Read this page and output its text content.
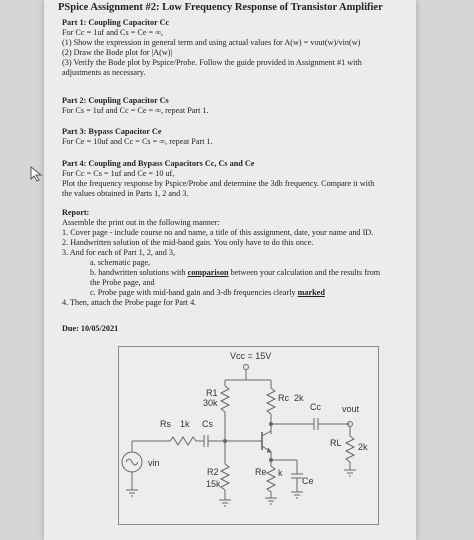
PSpice Assignment #2: Low Frequency Response of Transistor Amplifier
Part 1: Coupling Capacitor Cc
For Cc = 1uf and Cs = Ce = ∞,
(1) Show the expression in general term and using actual values for A(w) = vout(w)/vin(w)
(2) Draw the Bode plot for |A(w)|
(3) Verify the Bode plot by Pspice/Probe. Follow the guide provided in Assignment #1 with
adjustments as necessary.
Part 2: Coupling Capacitor Cs
For Cs = 1uf and Cc = Ce = ∞, repeat Part 1.
Part 3: Bypass Capacitor Ce
For Ce = 10uf and Cc = Cs = ∞, repeat Part 1.
Part 4: Coupling and Bypass Capacitors Cc, Cs and Ce
For Cc = Cs = 1uf and Ce = 10 uf,
Plot the frequency response by Pspice/Probe and determine the 3db frequency. Compare it with
the values obtained in Parts 1, 2 and 3.
Report:
Assemble the print out in the following manner:
1. Cover page - include course no and name, a title of this assignment, date, your name and ID.
2. Handwritten solution of the mid-band gain. You only have to do this once.
3. And for each of Part 1, 2, and 3,
a. schematic page,
b. handwritten solutions with comparison between your calculation and the results from
the Probe page, and
c. Probe page with mid-band gain and 3-db frequencies clearly marked
4. Then, attach the Probe page for Part 4.
Due: 10/05/2021
Vcc = 15V
R1
30k	Rc 2k
Cc vout
RL 2k
Rs 1k Cs
vin
R2
15k
Re k
Ce
